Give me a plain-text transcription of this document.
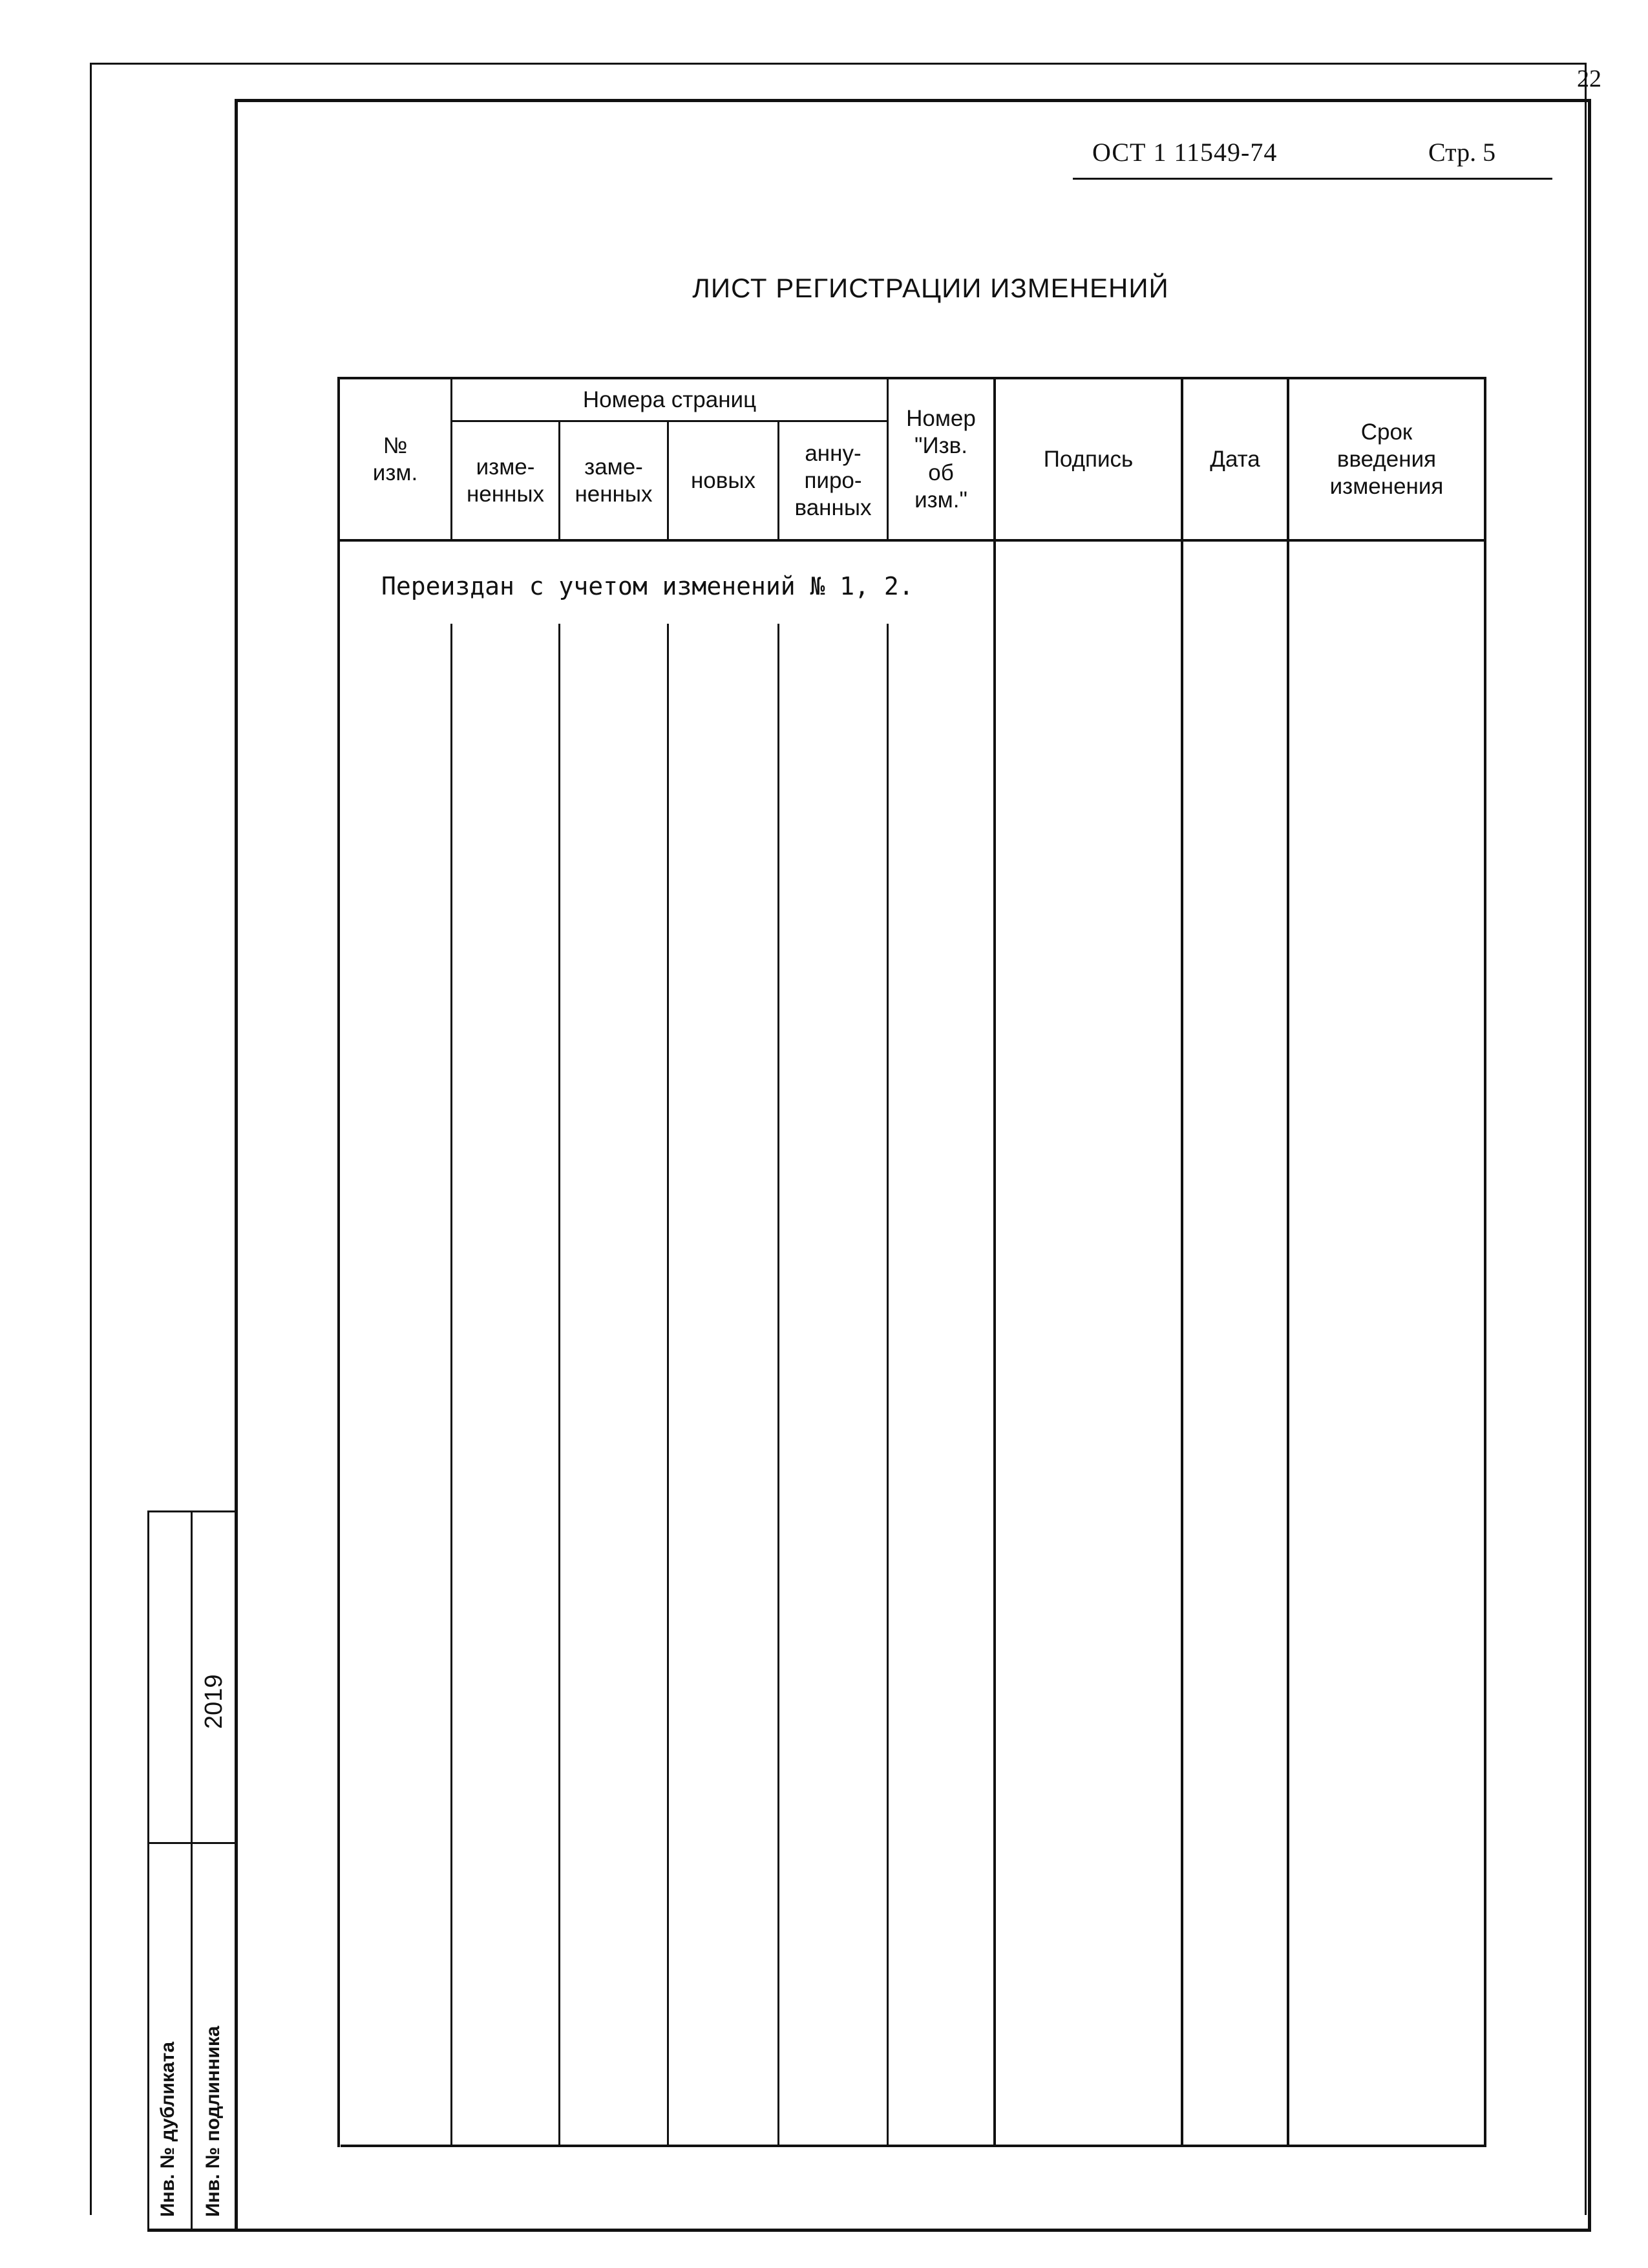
22
ОСТ 1 11549-74	Стр. 5
ЛИСТ РЕГИСТРАЦИИ ИЗМЕНЕНИЙ
№
изм.
Номера страниц
изме-
ненных
заме-
ненных
новых
анну-
пиро-
ванных
Номер
"Изв.
об
изм."
Подпись	Дата
Срок
введения
изменения
Переиздан с учетом изменений № 1, 2.
Инв. № дубликата Инв. № подлинника
2019
